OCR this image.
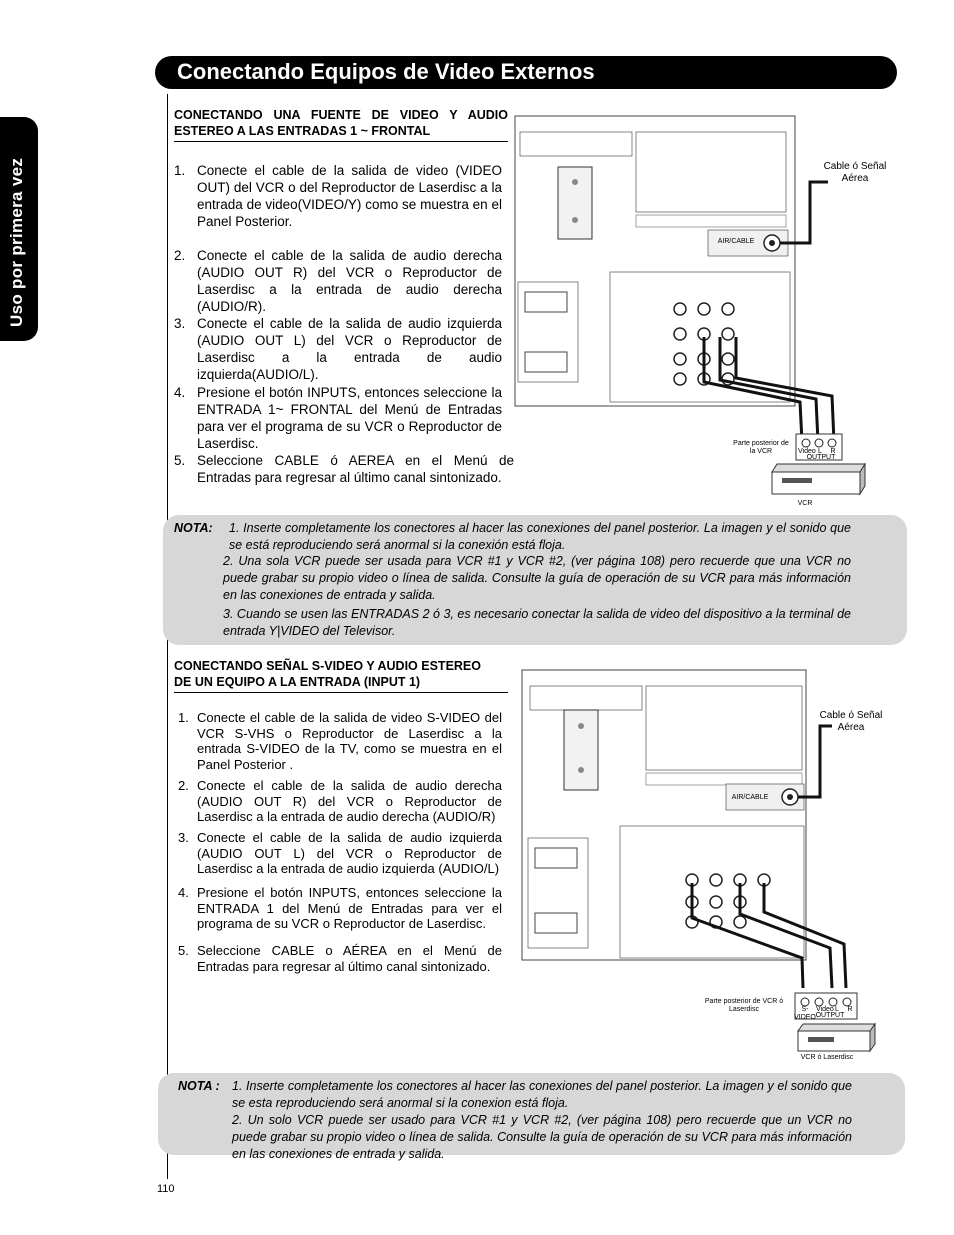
Uso por primera vez
Conectando Equipos de Video Externos
CONECTANDO UNA FUENTE DE VIDEO Y AUDIO
ESTEREO A LAS ENTRADAS 1 ~ FRONTAL
1. Conecte el cable de la salida de video (VIDEO OUT) del VCR o del Reproductor de Laserdisc a la entrada de video(VIDEO/Y) como se muestra en el Panel Posterior.
2. Conecte el cable de la salida de audio derecha (AUDIO OUT R) del VCR o Reproductor de Laserdisc a la entrada de audio derecha (AUDIO/R).
3. Conecte el cable de la salida de audio izquierda (AUDIO OUT L) del VCR o Reproductor de Laserdisc a la entrada de audio izquierda(AUDIO/L).
4. Presione el botón INPUTS, entonces seleccione la ENTRADA 1~ FRONTAL del Menú de Entradas para ver el programa de su VCR o Reproductor de Laserdisc.
5. Seleccione CABLE ó AEREA en el Menú de Entradas para regresar al último canal sintonizado.
Cable ó Señal Aérea
AIR/CABLE
Parte posterior de la VCR	Video L R
OUTPUT
VCR
NOTA: 1. Inserte completamente los conectores al hacer las conexiones del panel posterior. La imagen y el sonido que se está reproduciendo será anormal si la conexión está floja.
2. Una sola VCR puede ser usada para VCR #1 y VCR #2, (ver página 108) pero recuerde que una VCR no puede grabar su propio video o línea de salida. Consulte la guía de operación de su VCR para más información en las conexiones de entrada y salida.
3. Cuando se usen las ENTRADAS 2 ó 3, es necesario conectar la salida de video del dispositivo a la terminal de entrada Y|VIDEO del Televisor.
CONECTANDO SEÑAL S-VIDEO Y AUDIO ESTEREO
DE UN EQUIPO A LA ENTRADA (INPUT 1)
1. Conecte el cable de la salida de video S-VIDEO del VCR S-VHS o Reproductor de Laserdisc a la entrada S-VIDEO de la TV, como se muestra en el Panel Posterior .
2. Conecte el cable de la salida de audio derecha (AUDIO OUT R) del VCR o Reproductor de Laserdisc a la entrada de audio derecha (AUDIO/R)
3. Conecte el cable de la salida de audio izquierda (AUDIO OUT L) del VCR o Reproductor de Laserdisc a la entrada de audio izquierda (AUDIO/L)
4. Presione el botón INPUTS, entonces seleccione la ENTRADA 1 del Menú de Entradas para ver el programa de su VCR o Reproductor de Laserdisc.
5. Seleccione CABLE o AÉREA en el Menú de Entradas para regresar al último canal sintonizado.
Cable ó Señal Aérea
AIR/CABLE
Parte posterior de VCR ó Laserdisc	S-VIDEO
Video L R
OUTPUT
VCR ó Laserdisc
NOTA : 1. Inserte completamente los conectores al hacer las conexiones del panel posterior. La imagen y el sonido que se esta reproduciendo será anormal si la conexion está floja.
2. Un solo VCR puede ser usado para VCR #1 y VCR #2, (ver página 108) pero recuerde que un VCR no puede grabar su propio video o línea de salida. Consulte la guía de operación de su VCR para más información en las conexiones de entrada y salida.
110
